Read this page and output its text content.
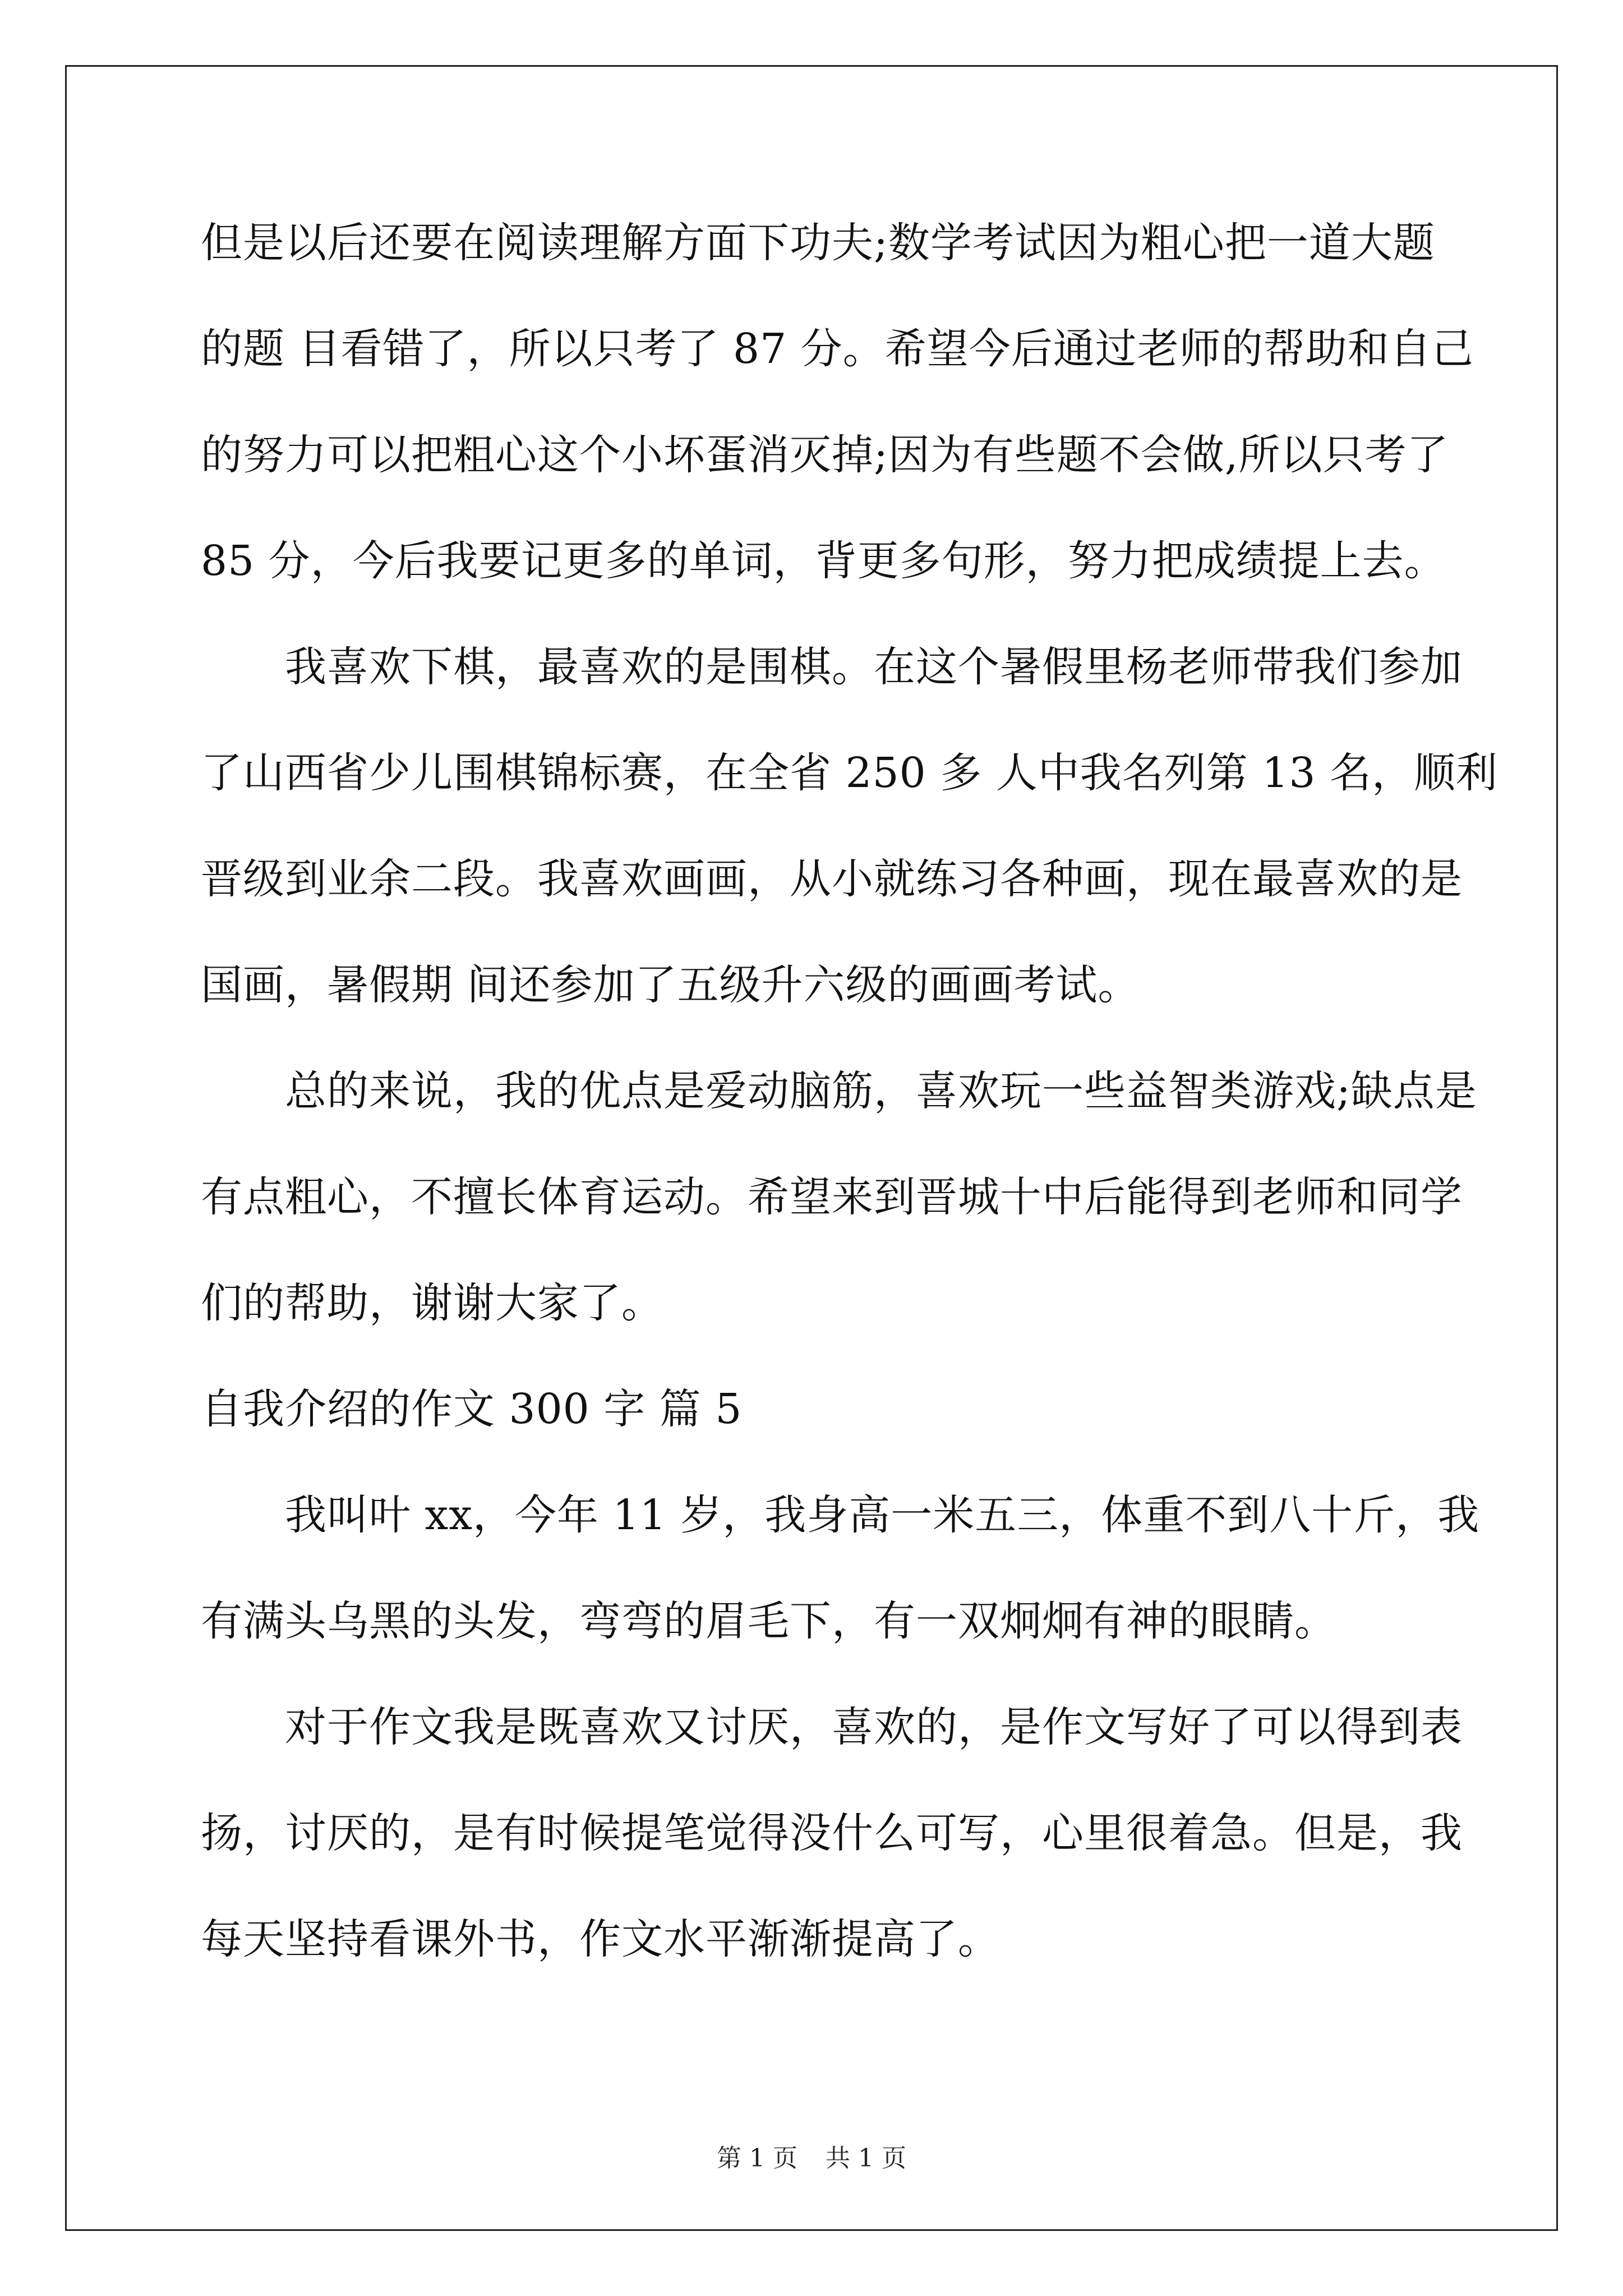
但是以后还要在阅读理解方面下功夫;数学考试因为粗心把一道大题
的题 目看错了，所以只考了 87 分。希望今后通过老师的帮助和自己
的努力可以把粗心这个小坏蛋消灭掉;因为有些题不会做,所以只考了
85 分，今后我要记更多的单词，背更多句形，努力把成绩提上去。
　　我喜欢下棋，最喜欢的是围棋。在这个暑假里杨老师带我们参加
了山西省少儿围棋锦标赛，在全省 250 多 人中我名列第 13 名，顺利
晋级到业余二段。我喜欢画画，从小就练习各种画，现在最喜欢的是
国画，暑假期 间还参加了五级升六级的画画考试。
　　总的来说，我的优点是爱动脑筋，喜欢玩一些益智类游戏;缺点是
有点粗心，不擅长体育运动。希望来到晋城十中后能得到老师和同学
们的帮助，谢谢大家了。
自我介绍的作文 300 字 篇 5
　　我叫叶 xx，今年 11 岁，我身高一米五三，体重不到八十斤，我
有满头乌黑的头发，弯弯的眉毛下，有一双炯炯有神的眼睛。
　　对于作文我是既喜欢又讨厌，喜欢的，是作文写好了可以得到表
扬，讨厌的，是有时候提笔觉得没什么可写，心里很着急。但是，我
每天坚持看课外书，作文水平渐渐提高了。
第 1 页 共 1 页
